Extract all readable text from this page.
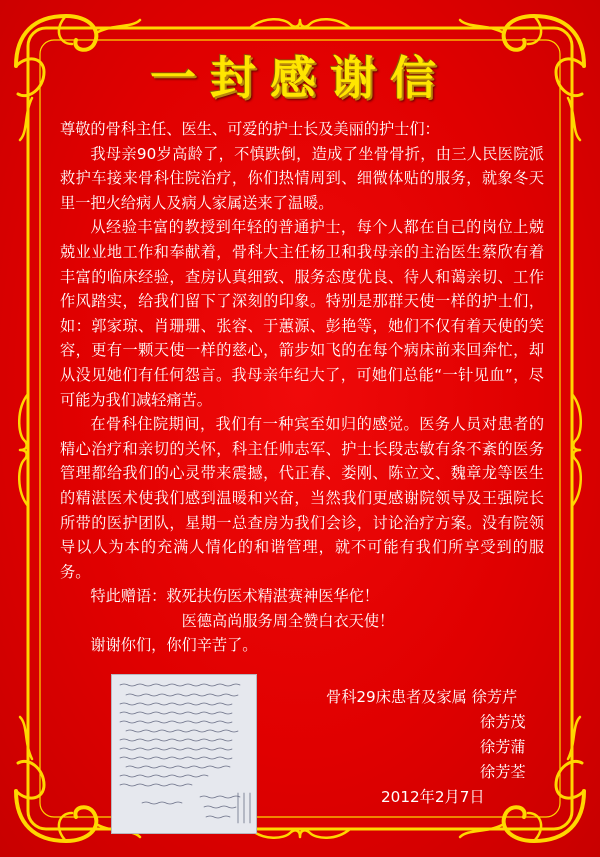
一封感谢信

尊敬的骨科主任、医生、可爱的护士长及美丽的护士们：

我母亲90岁高龄了，不慎跌倒，造成了坐骨骨折，由三人民医院派救护车接来骨科住院治疗，你们热情周到、细微体贴的服务，就象冬天里一把火给病人及病人家属送来了温暖。

从经验丰富的教授到年轻的普通护士，每个人都在自己的岗位上兢兢业业地工作和奉献着，骨科大主任杨卫和我母亲的主治医生蔡欣有着丰富的临床经验，查房认真细致、服务态度优良、待人和蔼亲切、工作作风踏实，给我们留下了深刻的印象。特别是那群天使一样的护士们，如：郭家琼、肖珊珊、张容、于蕙源、彭艳等，她们不仅有着天使的笑容，更有一颗天使一样的慈心，箭步如飞的在每个病床前来回奔忙，却从没见她们有任何怨言。我母亲年纪大了，可她们总能“一针见血”，尽可能为我们减轻痛苦。

在骨科住院期间，我们有一种宾至如归的感觉。医务人员对患者的精心治疗和亲切的关怀，科主任帅志军、护士长段志敏有条不紊的医务管理都给我们的心灵带来震撼，代正春、娄刚、陈立文、魏章龙等医生的精湛医术使我们感到温暖和兴奋，当然我们更感谢院领导及王强院长所带的医护团队，星期一总查房为我们会诊，讨论治疗方案。没有院领导以人为本的充满人情化的和谐管理，就不可能有我们所享受到的服务。

特此赠语：救死扶伤医术精湛赛神医华佗！

医德高尚服务周全赞白衣天使！

谢谢你们，你们辛苦了。

骨科29床患者及家属 徐芳芹
徐芳茂
徐芳蒲
徐芳荃
2012年2月7日
